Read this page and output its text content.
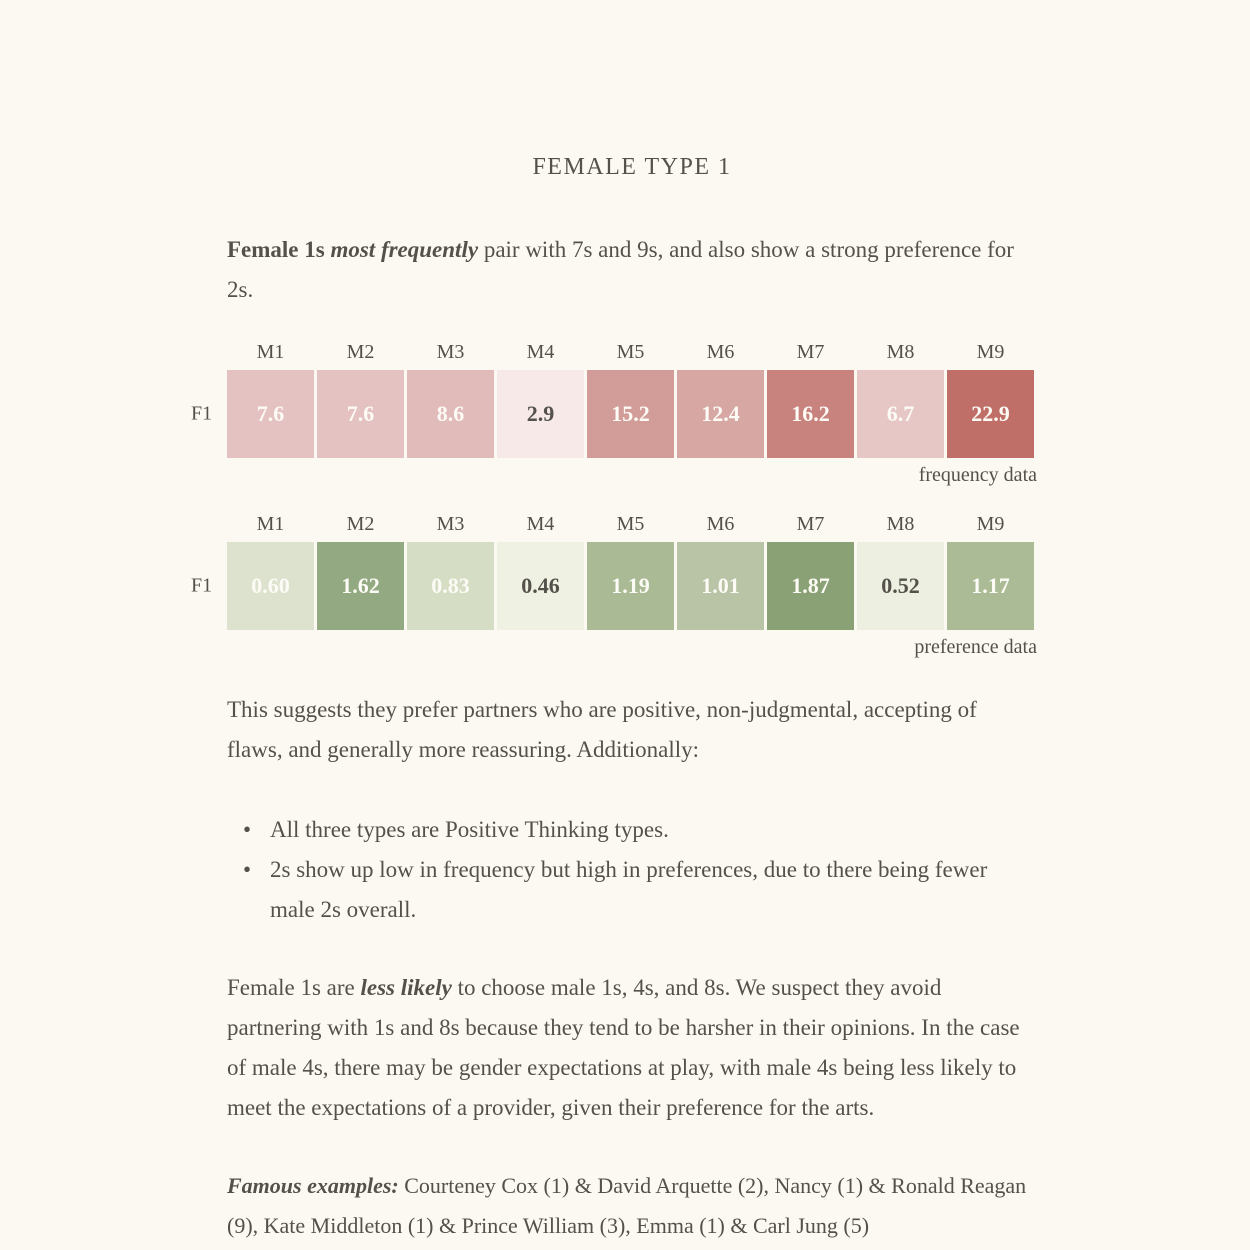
FEMALE TYPE 1

Female 1s most frequently pair with 7s and 9s, and also show a strong preference for 2s.

M1	M2	M3	M4	M5	M6	M7	M8	M9
F1	7.6	7.6	8.6	2.9	15.2	12.4	16.2	6.7	22.9
frequency data
M1	M2	M3	M4	M5	M6	M7	M8	M9
F1	0.60	1.62	0.83	0.46	1.19	1.01	1.87	0.52	1.17
preference data

This suggests they prefer partners who are positive, non-judgmental, accepting of flaws, and generally more reassuring. Additionally:

• All three types are Positive Thinking types.
• 2s show up low in frequency but high in preferences, due to there being fewer male 2s overall.

Female 1s are less likely to choose male 1s, 4s, and 8s. We suspect they avoid partnering with 1s and 8s because they tend to be harsher in their opinions. In the case of male 4s, there may be gender expectations at play, with male 4s being less likely to meet the expectations of a provider, given their preference for the arts.

Famous examples: Courteney Cox (1) & David Arquette (2), Nancy (1) & Ronald Reagan (9), Kate Middleton (1) & Prince William (3), Emma (1) & Carl Jung (5)
